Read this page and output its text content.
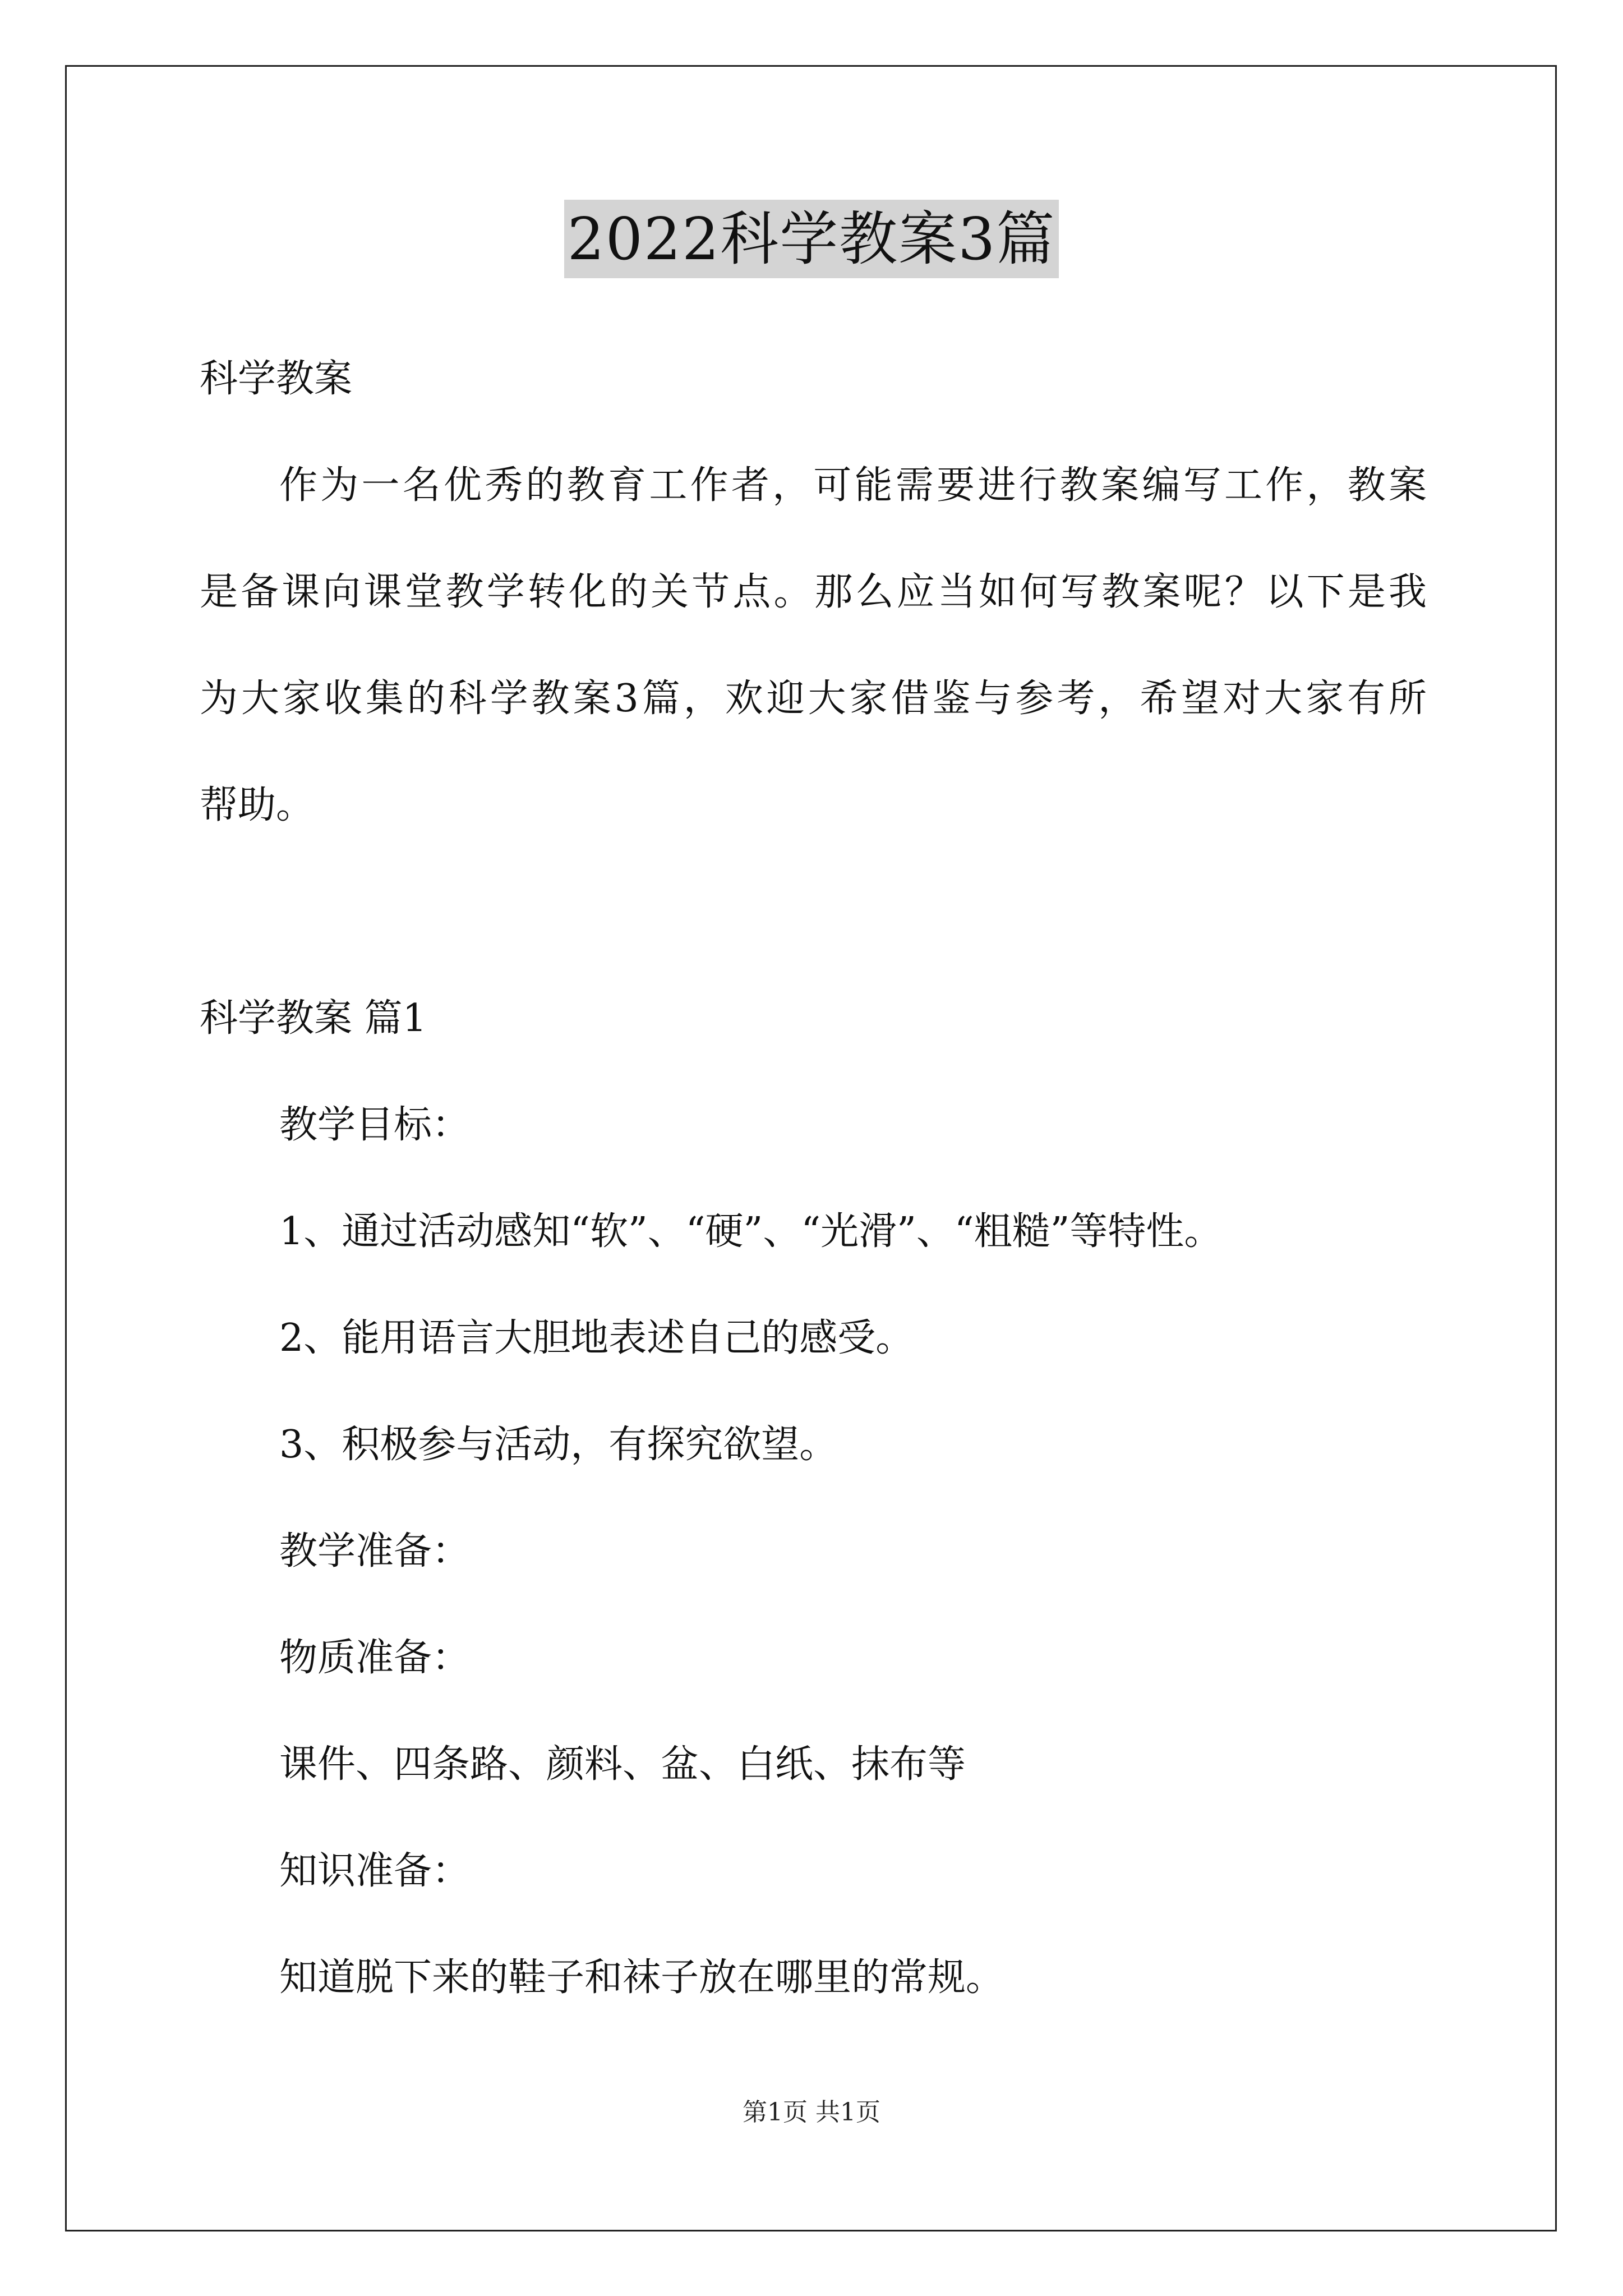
2022科学教案3篇
科学教案
作为一名优秀的教育工作者，可能需要进行教案编写工作，教案
是备课向课堂教学转化的关节点。那么应当如何写教案呢？以下是我
为大家收集的科学教案3篇，欢迎大家借鉴与参考，希望对大家有所
帮助。
科学教案 篇1
教学目标：
1、通过活动感知“软”、“硬”、“光滑”、“粗糙”等特性。
2、能用语言大胆地表述自己的感受。
3、积极参与活动，有探究欲望。
教学准备：
物质准备：
课件、四条路、颜料、盆、白纸、抹布等
知识准备：
知道脱下来的鞋子和袜子放在哪里的常规。
第1页 共1页
